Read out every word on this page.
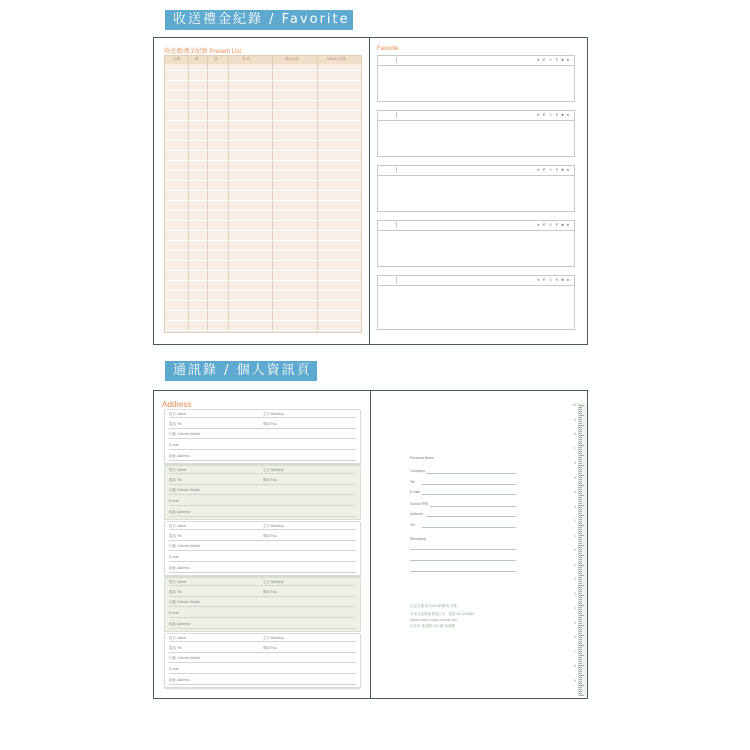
收送禮金紀錄 / Favorite
收送禮/禮金紀錄 Present List
日期	收	送	對 象	禮品內容	MEMO 回禮
Favorite
♦ ✗ ☺ ¶ ♣ ♠
♦ ✗ ☺ ¶ ♣ ♠
♦ ✗ ☺ ¶ ♣ ♠
♦ ✗ ☺ ¶ ♣ ♠
♦ ✗ ☺ ¶ ♣ ♠
通訊錄 / 個人資訊頁
Address
姓名 Name	生日 Birthday
電話 Tel	傳真 Fax
行動 Cellular Mobile
E-mail
地址 Address
姓名 Name	生日 Birthday
電話 Tel	傳真 Fax
行動 Cellular Mobile
E-mail
地址 Address
姓名 Name	生日 Birthday
電話 Tel	傳真 Fax
行動 Cellular Mobile
E-mail
地址 Address
姓名 Name	生日 Birthday
電話 Tel	傳真 Fax
行動 Cellular Mobile
E-mail
地址 Address
姓名 Name	生日 Birthday
電話 Tel	傳真 Fax
行動 Cellular Mobile
E-mail
地址 Address
Personal Name
Company
Tel.
E-mail
School 學校
Address
Tel.
Remark(s)
生活文創 的 COLOR系列 手帳
禾禾文化事業有限公司　電話 02-1234567
https://www.chuyu-culture.com
台北市 某某路 123 號 某某樓
10
9
8
7
6
5
4
3
2
1
0
1
2
3
4
5
6
7
8
9
